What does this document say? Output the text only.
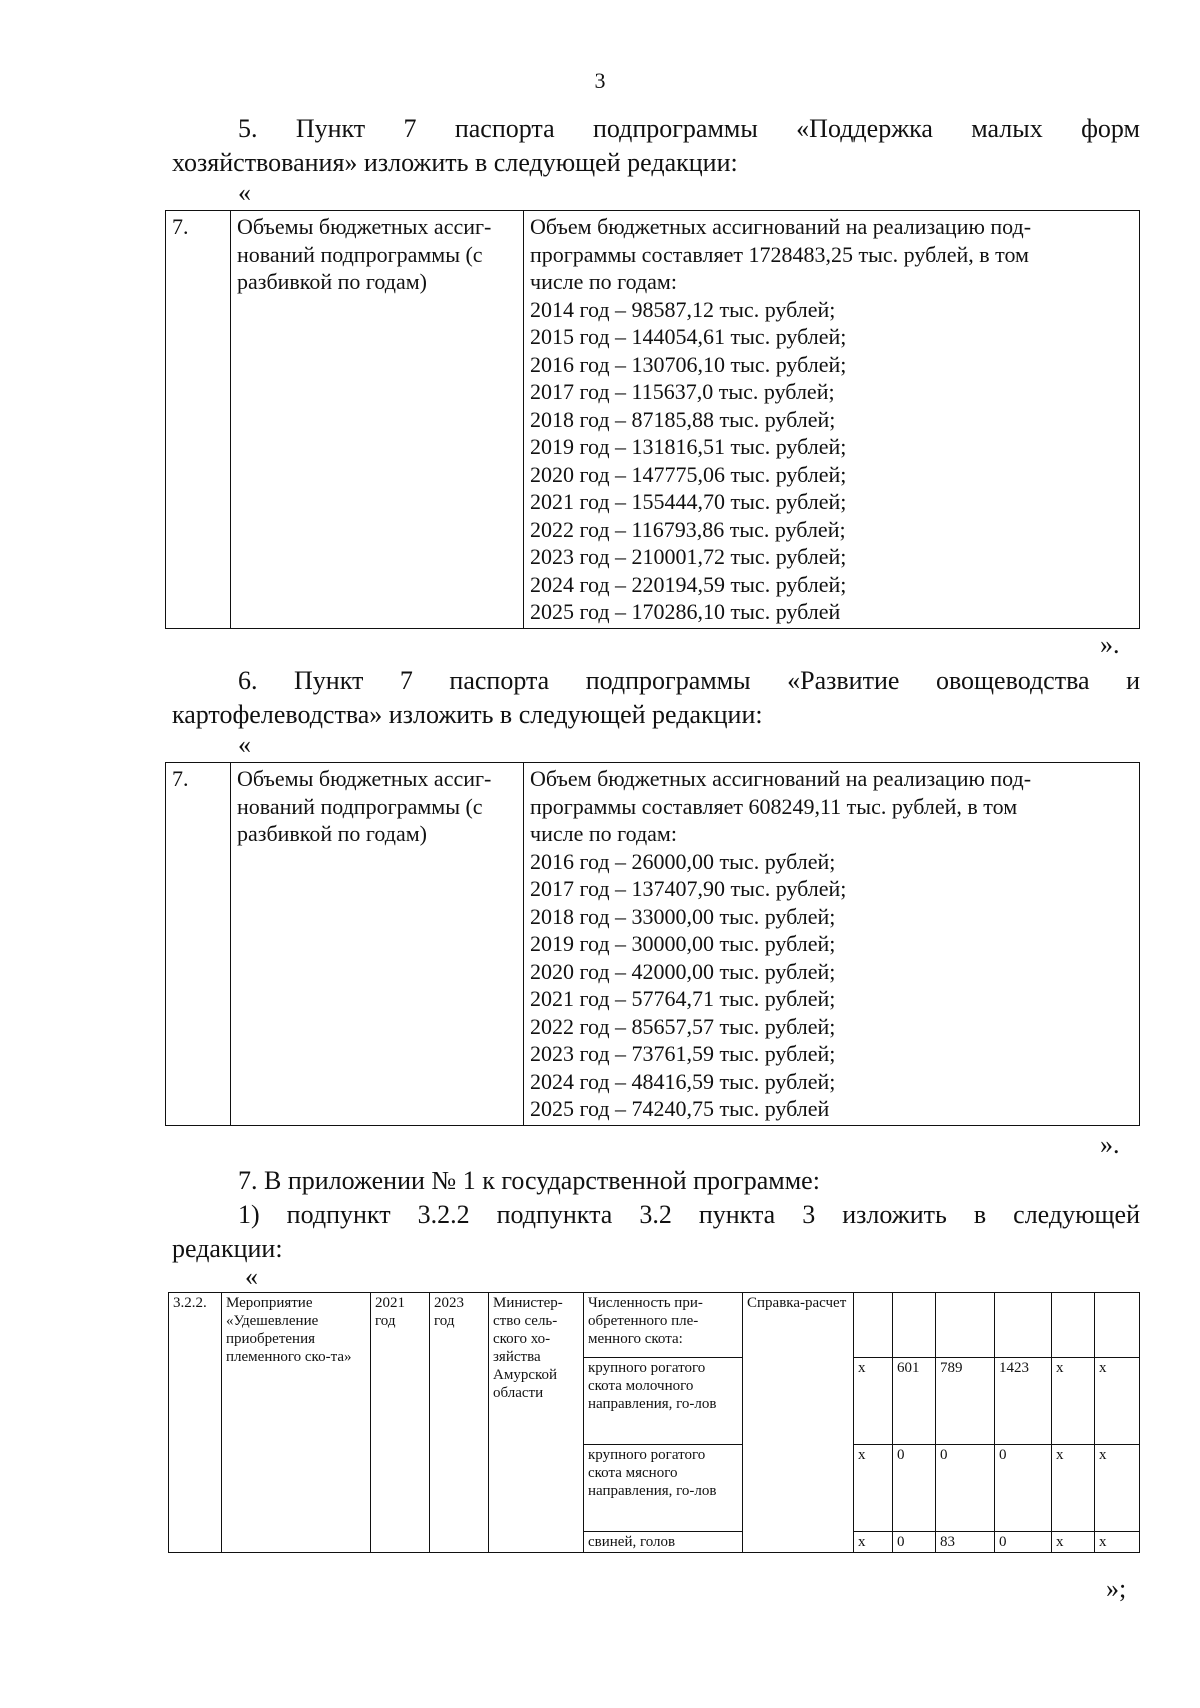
3
5. Пункт 7 паспорта подпрограммы «Поддержка малых форм
хозяйствования» изложить в следующей редакции:
«
7.	Объемы бюджетных ассиг-
нований подпрограммы (с
разбивкой по годам)

Объем бюджетных ассигнований на реализацию под-
программы составляет 1728483,25 тыс. рублей, в том
числе по годам:
2014 год – 98587,12 тыс. рублей;
2015 год – 144054,61 тыс. рублей;
2016 год – 130706,10 тыс. рублей;
2017 год – 115637,0 тыс. рублей;
2018 год – 87185,88 тыс. рублей;
2019 год – 131816,51 тыс. рублей;
2020 год – 147775,06 тыс. рублей;
2021 год – 155444,70 тыс. рублей;
2022 год – 116793,86 тыс. рублей;
2023 год – 210001,72 тыс. рублей;
2024 год – 220194,59 тыс. рублей;
2025 год – 170286,10 тыс. рублей
».
6. Пункт 7 паспорта подпрограммы «Развитие овощеводства и
картофелеводства» изложить в следующей редакции:
«
7.	Объемы бюджетных ассиг-
нований подпрограммы (с
разбивкой по годам)

Объем бюджетных ассигнований на реализацию под-
программы составляет 608249,11 тыс. рублей, в том
числе по годам:
2016 год – 26000,00 тыс. рублей;
2017 год – 137407,90 тыс. рублей;
2018 год – 33000,00 тыс. рублей;
2019 год – 30000,00 тыс. рублей;
2020 год – 42000,00 тыс. рублей;
2021 год – 57764,71 тыс. рублей;
2022 год – 85657,57 тыс. рублей;
2023 год – 73761,59 тыс. рублей;
2024 год – 48416,59 тыс. рублей;
2025 год – 74240,75 тыс. рублей
».
7. В приложении № 1 к государственной программе:
1) подпункт 3.2.2 подпункта 3.2 пункта 3 изложить в следующей
редакции:
«
3.2.2.	Мероприятие «Удешевление приобретения племенного ско-та»	2021 год	2023 год	Министер-ство сель-ского хо-зяйства Амурской области	Численность при-обретенного пле-менного скота:	Справка-расчет						
					крупного рогатого скота молочного направления, го-лов		x	601	789	1423	x	x
					крупного рогатого скота мясного направления, го-лов		x	0	0	0	x	x
					свиней, голов		x	0	83	0	x	x
»;
